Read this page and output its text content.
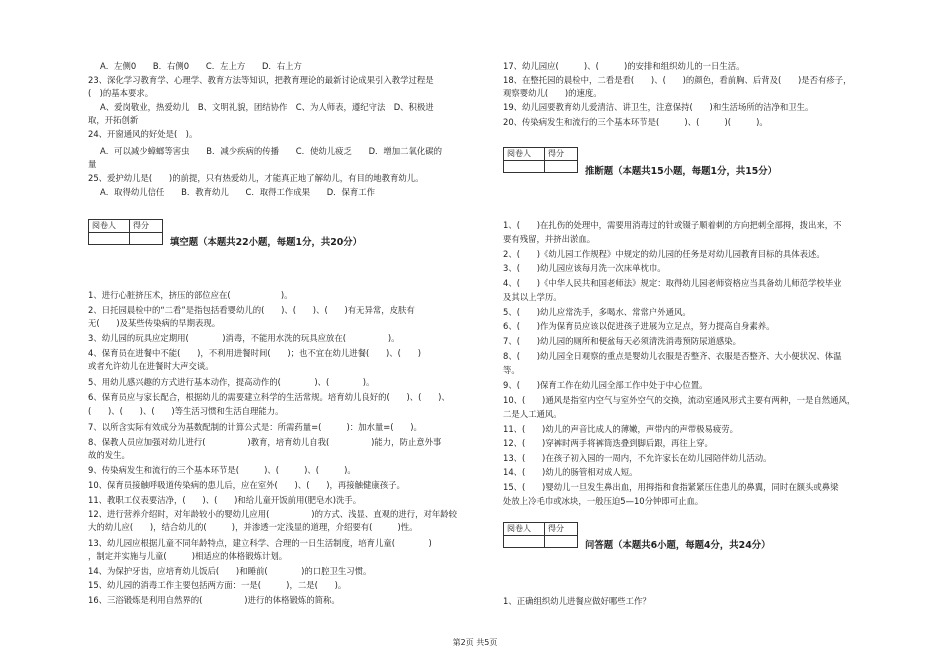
A．左侧0　　B．右侧0　　C．左上方　　D．右上方
23、深化学习教育学、心理学、教育方法等知识，把教育理论的最新讨论成果引入教学过程是
(　)的基本要求。
A、爱岗敬业，热爱幼儿　B、文明礼貌，团结协作　C、为人师表，遵纪守法　D、积极进
取，开拓创新
24、开窗通风的好处是(　)。
A．可以减少蟑螂等害虫　　B．减少疾病的传播　　C．使幼儿疲乏　　D．增加二氧化碳的
量
25、爱护幼儿是(　　)的前提，只有热爱幼儿，才能真正地了解幼儿，有目的地教育幼儿。
A．取得幼儿信任　　B．教育幼儿　　C．取得工作成果　　D．保育工作
1、进行心脏挤压术，挤压的部位应在(　　　　　　)。
2、日托园晨检中的“二看”是指包括看婴幼儿的(　　)、(　　)、(　　)有无异常，皮肤有
无(　　)及某些传染病的早期表现。
3、幼儿园的玩具应定期用(　　　　)消毒，不能用水洗的玩具应放在(　　　　　)。
4、保育员在进餐中不能(　　)，不利用进餐时间(　　)；也不宜在幼儿进餐(　　)、(　　)
或者允许幼儿在进餐时大声交谈。
5、用幼儿感兴趣的方式进行基本动作，提高动作的(　　　　)、(　　　　)。
6、保育员应与家长配合，根据幼儿的需要建立科学的生活常规。培育幼儿良好的(　　)、(　　)、
(　　)、(　　)、(　　)等生活习惯和生活自理能力。
7、以所含实际有效成分为基数配制的计算公式是：所需药量=(　　　)：加水量=(　　)。
8、保教人员应加强对幼儿进行(　　　　　)教育，培育幼儿自我(　　　　　)能力，防止意外事
故的发生。
9、传染病发生和流行的三个基本环节是(　　　)、(　　　)、(　　　)。
10、保育员接触呼吸道传染病的患儿后，应在室外(　　)、(　　)，再接触健康孩子。
11、教职工仪表要洁净，(　　)、(　　)和给儿童开饭前用(肥皂水)洗手。
12、进行营养介绍时，对年龄较小的婴幼儿应用(　　　　　)的方式、浅显、直观的进行，对年龄较
大的幼儿应(　　)，结合幼儿的(　　　)，并渗透一定浅显的道理，介绍要有(　　　)性。
13、幼儿园应根据儿童不同年龄特点，建立科学、合理的一日生活制度，培育儿童(　　　　)
，制定并实施与儿童(　　　)相适应的体格锻炼计划。
14、为保护牙齿，应培育幼儿饭后(　　)和睡前(　　　　)的口腔卫生习惯。
15、幼儿园的消毒工作主要包括两方面：一是(　　　)，二是(　　)。
16、三浴锻炼是利用自然界的(　　　　　)进行的体格锻炼的简称。
17、幼儿园应(　　　)、(　　　)的安排和组织幼儿的一日生活。
18、在整托园的晨检中，二看是看(　　)、(　　)的颜色，看前胸、后背及(　　)是否有疹子，
观察婴幼儿(　　)的速度。
19、幼儿园要教育幼儿爱清洁、讲卫生，注意保持(　　)和生活场所的洁净和卫生。
20、传染病发生和流行的三个基本环节是(　　　)、(　　　)(　　　)。
1、(　　)在扎伤的处理中，需要用消毒过的针或镊子顺着刺的方向把刺全部拇，拨出来，不
要有残留，并挤出淤血。
2、(　　)《幼儿园工作规程》中规定的幼儿园的任务是对幼儿园教育目标的具体表述。
3、(　　)幼儿园应该每月洗一次床单枕巾。
4、(　　)《中华人民共和国老师法》规定：取得幼儿园老师资格应当具备幼儿师范学校毕业
及其以上学历。
5、(　　)幼儿应常洗手，多喝水、常常户外通风。
6、(　　)作为保育员应该以促进孩子进展为立足点，努力提高自身素养。
7、(　　)幼儿园的厕所和便盆每天必须清洗消毒预防尿道感染。
8、(　　)幼儿园全日观察的重点是婴幼儿衣服是否整齐、衣服是否整齐、大小便状况、体温
等。
9、(　　)保育工作在幼儿园全部工作中处于中心位置。
10、(　　)通风是指室内空气与室外空气的交换，流动室通风形式主要有两种，一是自然通风，
二是人工通风。
11、(　　)幼儿的声音比成人的薄嫩，声带内的声带极易疲劳。
12、(　　)穿裤时两手将裤筒迭叠到脚后跟，再往上穿。
13、(　　)在孩子初入园的一周内，不允许家长在幼儿园陪伴幼儿活动。
14、(　　)幼儿的肠管相对成人短。
15、(　　)婴幼儿一旦发生鼻出血，用拇指和食指紧紧压住患儿的鼻翼，同时在额头或鼻梁
处放上冷毛巾或冰块，一般压迫5—10分钟即可止血。
1、正确组织幼儿进餐应做好哪些工作？
阅卷人	得分

填空题（本题共22小题，每题1分，共20分）
阅卷人	得分

推断题（本题共15小题，每题1分，共15分）
阅卷人	得分

问答题（本题共6小题，每题4分，共24分）
第2页 共5页
